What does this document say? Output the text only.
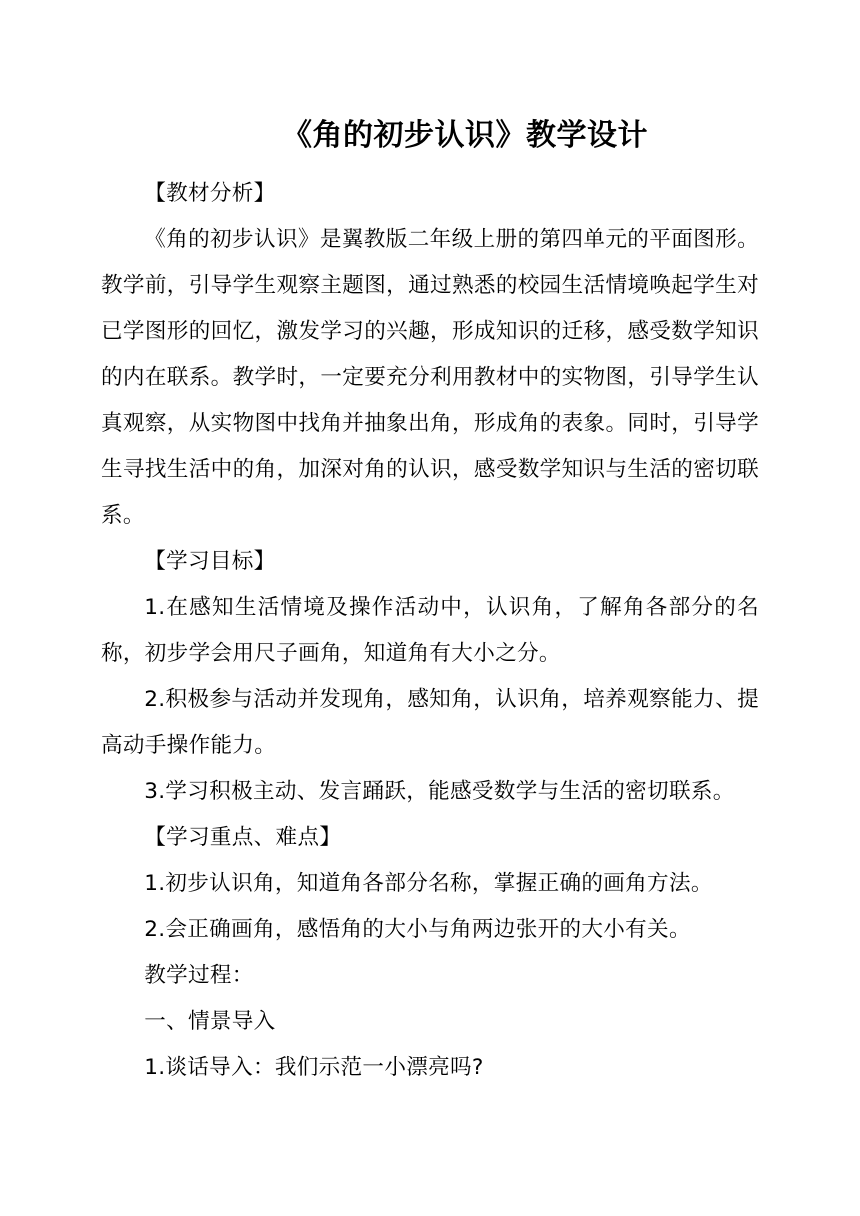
《角的初步认识》教学设计

【教材分析】

《角的初步认识》是翼教版二年级上册的第四单元的平面图形。教学前，引导学生观察主题图，通过熟悉的校园生活情境唤起学生对已学图形的回忆，激发学习的兴趣，形成知识的迁移，感受数学知识的内在联系。教学时，一定要充分利用教材中的实物图，引导学生认真观察，从实物图中找角并抽象出角，形成角的表象。同时，引导学生寻找生活中的角，加深对角的认识，感受数学知识与生活的密切联系。

【学习目标】

1.在感知生活情境及操作活动中，认识角，了解角各部分的名称，初步学会用尺子画角，知道角有大小之分。

2.积极参与活动并发现角，感知角，认识角，培养观察能力、提高动手操作能力。

3.学习积极主动、发言踊跃，能感受数学与生活的密切联系。

【学习重点、难点】

1.初步认识角，知道角各部分名称，掌握正确的画角方法。

2.会正确画角，感悟角的大小与角两边张开的大小有关。

教学过程：

一、情景导入

1.谈话导入：我们示范一小漂亮吗?
